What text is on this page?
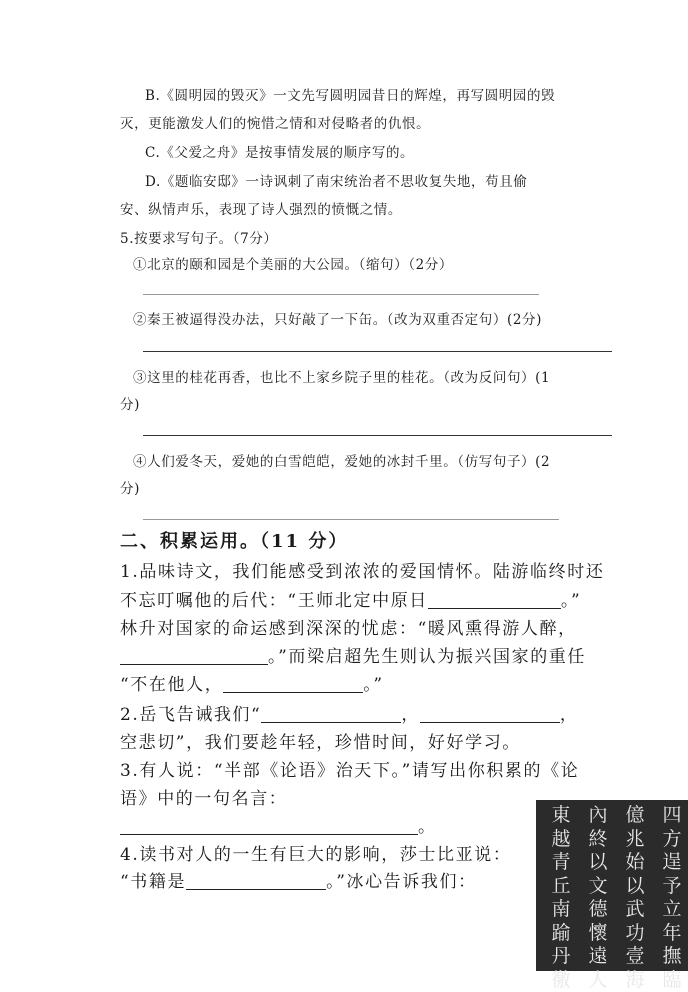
B.《圆明园的毁灭》一文先写圆明园昔日的辉煌，再写圆明园的毁
灭，更能激发人们的惋惜之情和对侵略者的仇恨。
C.《父爱之舟》是按事情发展的顺序写的。
D.《题临安邸》一诗讽刺了南宋统治者不思收复失地，苟且偷
安、纵情声乐，表现了诗人强烈的愤慨之情。
5.按要求写句子。（7分）
①北京的颐和园是个美丽的大公园。（缩句）（2分）
②秦王被逼得没办法，只好敲了一下缶。（改为双重否定句）(2分)
③这里的桂花再香，也比不上家乡院子里的桂花。（改为反问句）(1
分)
④人们爱冬天，爱她的白雪皑皑，爱她的冰封千里。（仿写句子）(2
分)
二、积累运用。（11 分）
1.品味诗文，我们能感受到浓浓的爱国情怀。陆游临终时还
不忘叮嘱他的后代：“王师北定中原日	。”
林升对国家的命运感到深深的忧虑：“暖风熏得游人醉，
。”而梁启超先生则认为振兴国家的重任
“不在他人，	。”
2.岳飞告诫我们“	，	，
空悲切”，我们要趁年轻，珍惜时间，好好学习。
3.有人说：“半部《论语》治天下。”请写出你积累的《论
语》中的一句名言：
。
4.读书对人的一生有巨大的影响，莎士比亚说：
“书籍是	。”冰心告诉我们：
四
方
逞
予
立
年
撫
臨
億
兆
始
以
武
功
壹
海
內
終
以
文
德
懷
遠
人
東
越
青
丘
南
踰
丹
徼
